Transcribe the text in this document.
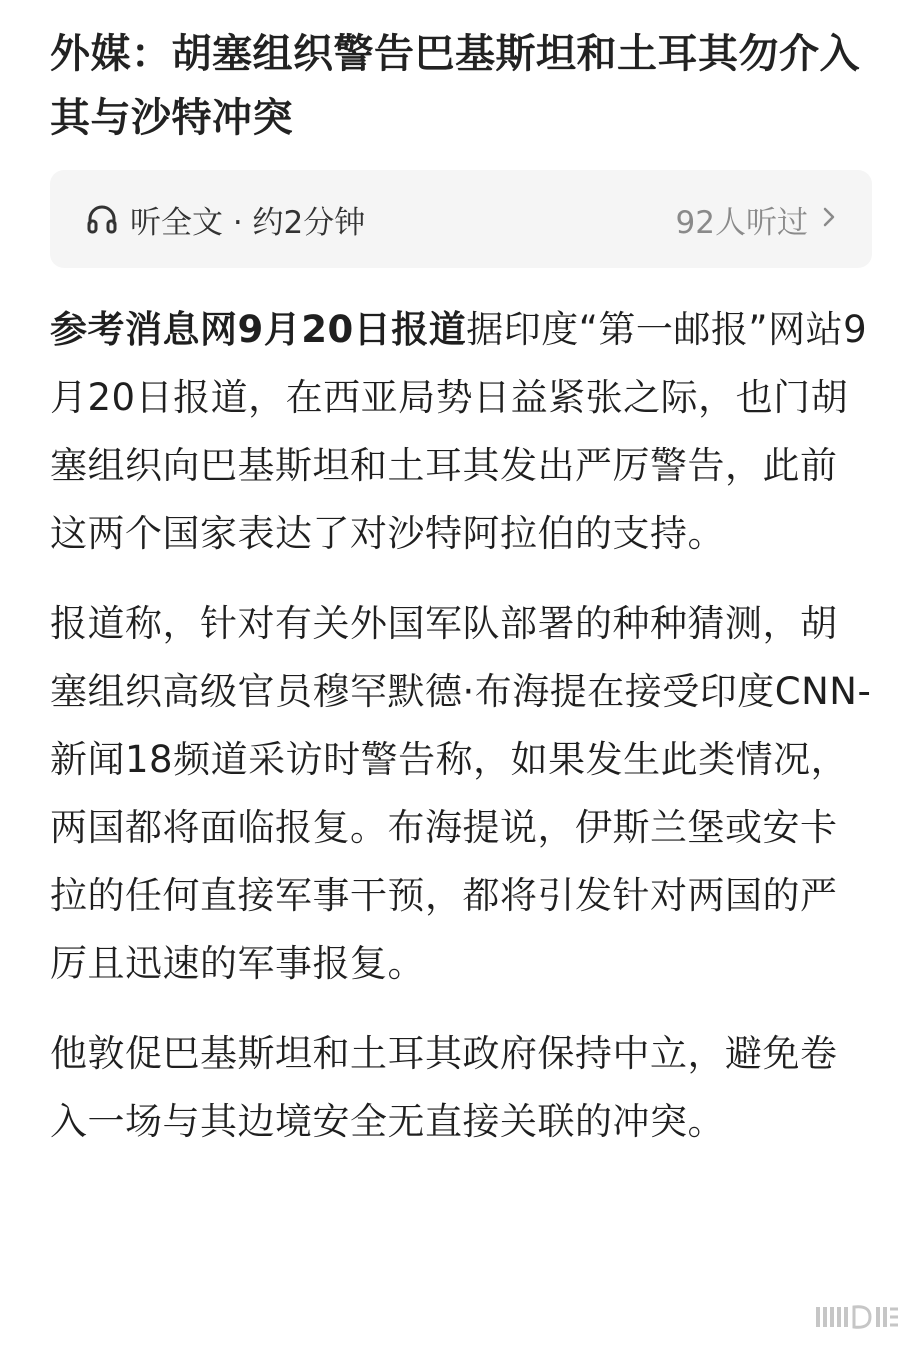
外媒：胡塞组织警告巴基斯坦和土耳其勿介入其与沙特冲突
听全文 · 约2分钟	92人听过

参考消息网9月20日报道据印度“第一邮报”网站9月20日报道，在西亚局势日益紧张之际，也门胡塞组织向巴基斯坦和土耳其发出严厉警告，此前这两个国家表达了对沙特阿拉伯的支持。

报道称，针对有关外国军队部署的种种猜测，胡塞组织高级官员穆罕默德·布海提在接受印度CNN-新闻18频道采访时警告称，如果发生此类情况，两国都将面临报复。布海提说，伊斯兰堡或安卡拉的任何直接军事干预，都将引发针对两国的严厉且迅速的军事报复。

他敦促巴基斯坦和土耳其政府保持中立，避免卷入一场与其边境安全无直接关联的冲突。
